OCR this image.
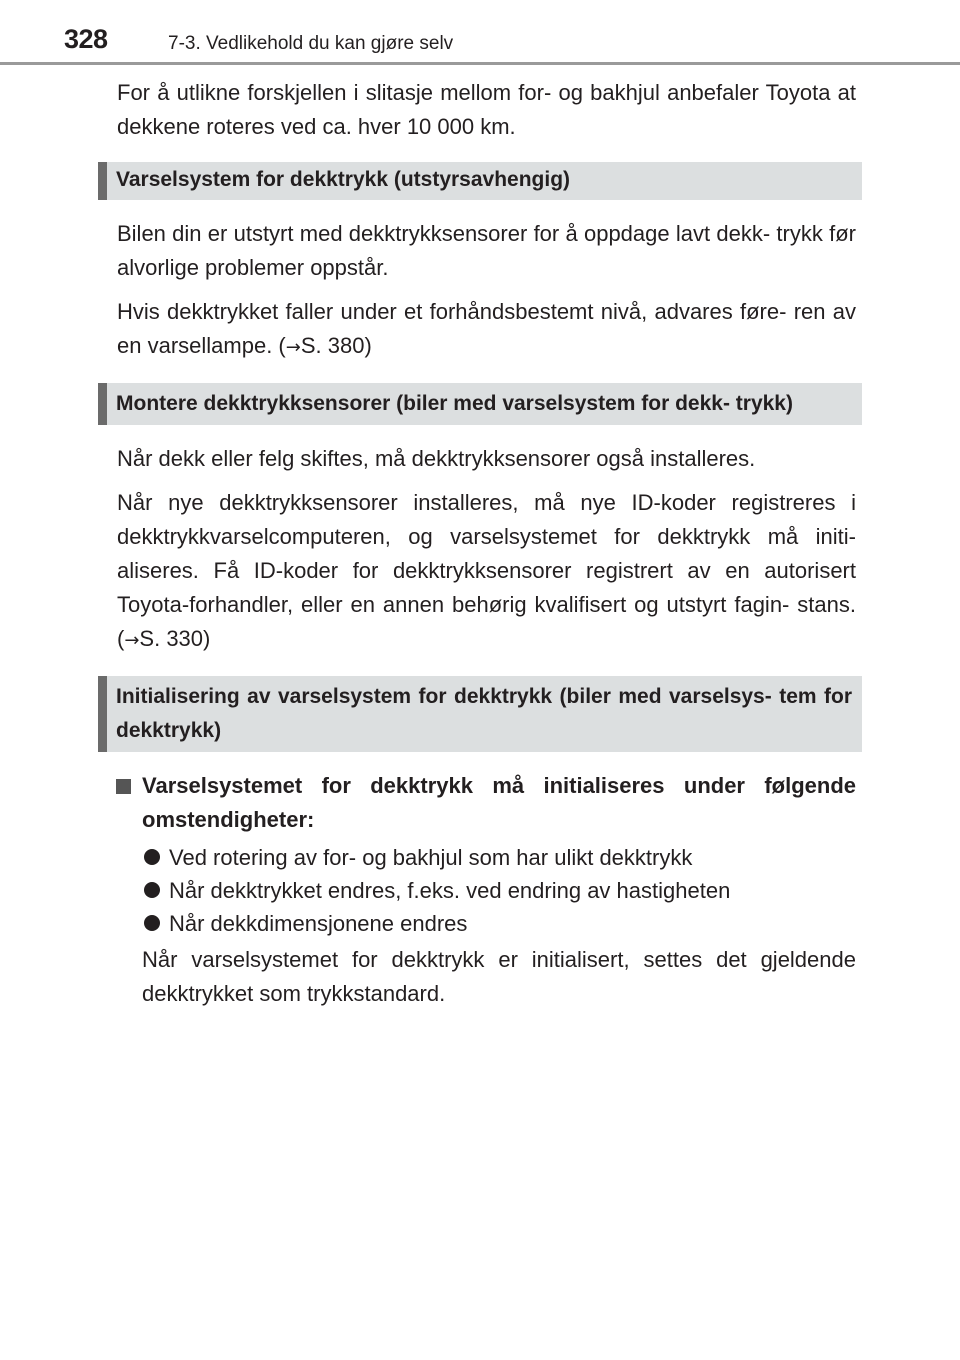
328	7-3. Vedlikehold du kan gjøre selv

For å utlikne forskjellen i slitasje mellom for- og bakhjul anbefaler Toyota at dekkene roteres ved ca. hver 10 000 km.

Varselsystem for dekktrykk (utstyrsavhengig)

Bilen din er utstyrt med dekktrykksensorer for å oppdage lavt dekk- trykk før alvorlige problemer oppstår.

Hvis dekktrykket faller under et forhåndsbestemt nivå, advares føre- ren av en varsellampe. (→S. 380)

Montere dekktrykksensorer (biler med varselsystem for dekk- trykk)

Når dekk eller felg skiftes, må dekktrykksensorer også installeres.

Når nye dekktrykksensorer installeres, må nye ID-koder registreres i dekktrykkvarselcomputeren, og varselsystemet for dekktrykk må initi- aliseres. Få ID-koder for dekktrykksensorer registrert av en autorisert Toyota-forhandler, eller en annen behørig kvalifisert og utstyrt fagin- stans. (→S. 330)

Initialisering av varselsystem for dekktrykk (biler med varselsys- tem for dekktrykk)
Varselsystemet for dekktrykk må initialiseres under følgende omstendigheter:
Ved rotering av for- og bakhjul som har ulikt dekktrykk
Når dekktrykket endres, f.eks. ved endring av hastigheten
Når dekkdimensjonene endres

Når varselsystemet for dekktrykk er initialisert, settes det gjeldende dekktrykket som trykkstandard.
